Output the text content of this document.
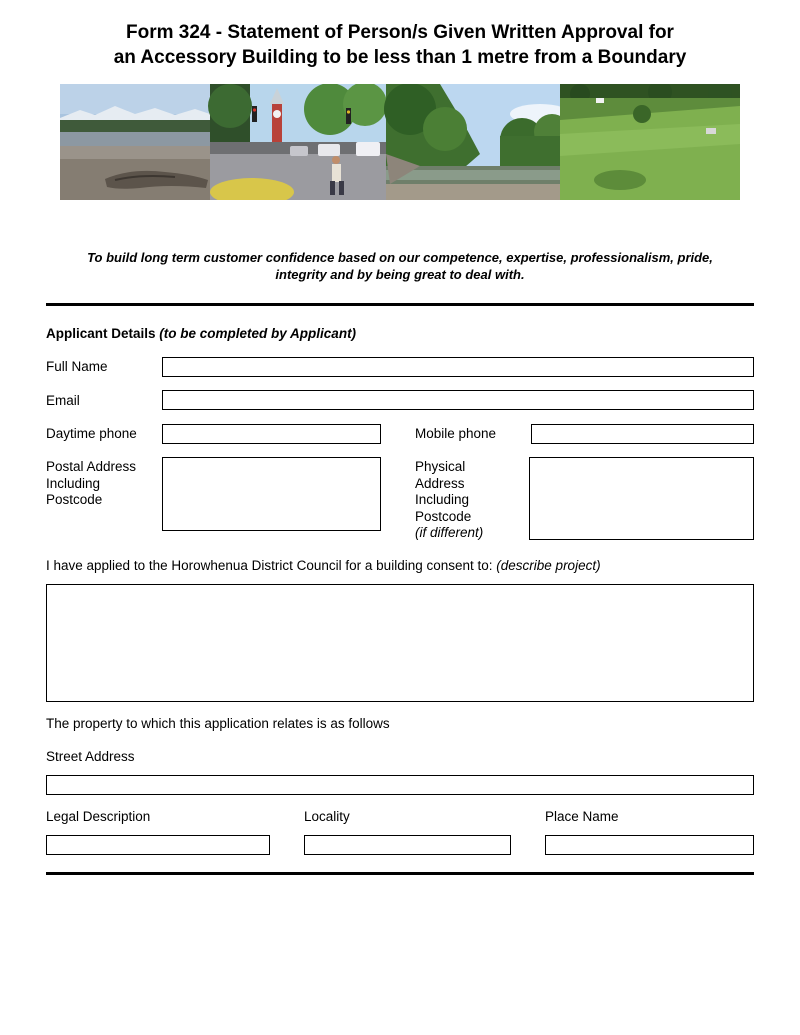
Form 324 - Statement of Person/s Given Written Approval for
an Accessory Building to be less than 1 metre from a Boundary
To build long term customer confidence based on our competence, expertise, professionalism, pride,
integrity and by being great to deal with.
Applicant Details (to be completed by Applicant)
Full Name
Email
Daytime phone	Mobile phone
Postal Address
Including
Postcode
Physical
Address
Including
Postcode
(if different)
I have applied to the Horowhenua District Council for a building consent to: (describe project)
The property to which this application relates is as follows
Street Address
Legal Description	Locality	Place Name
